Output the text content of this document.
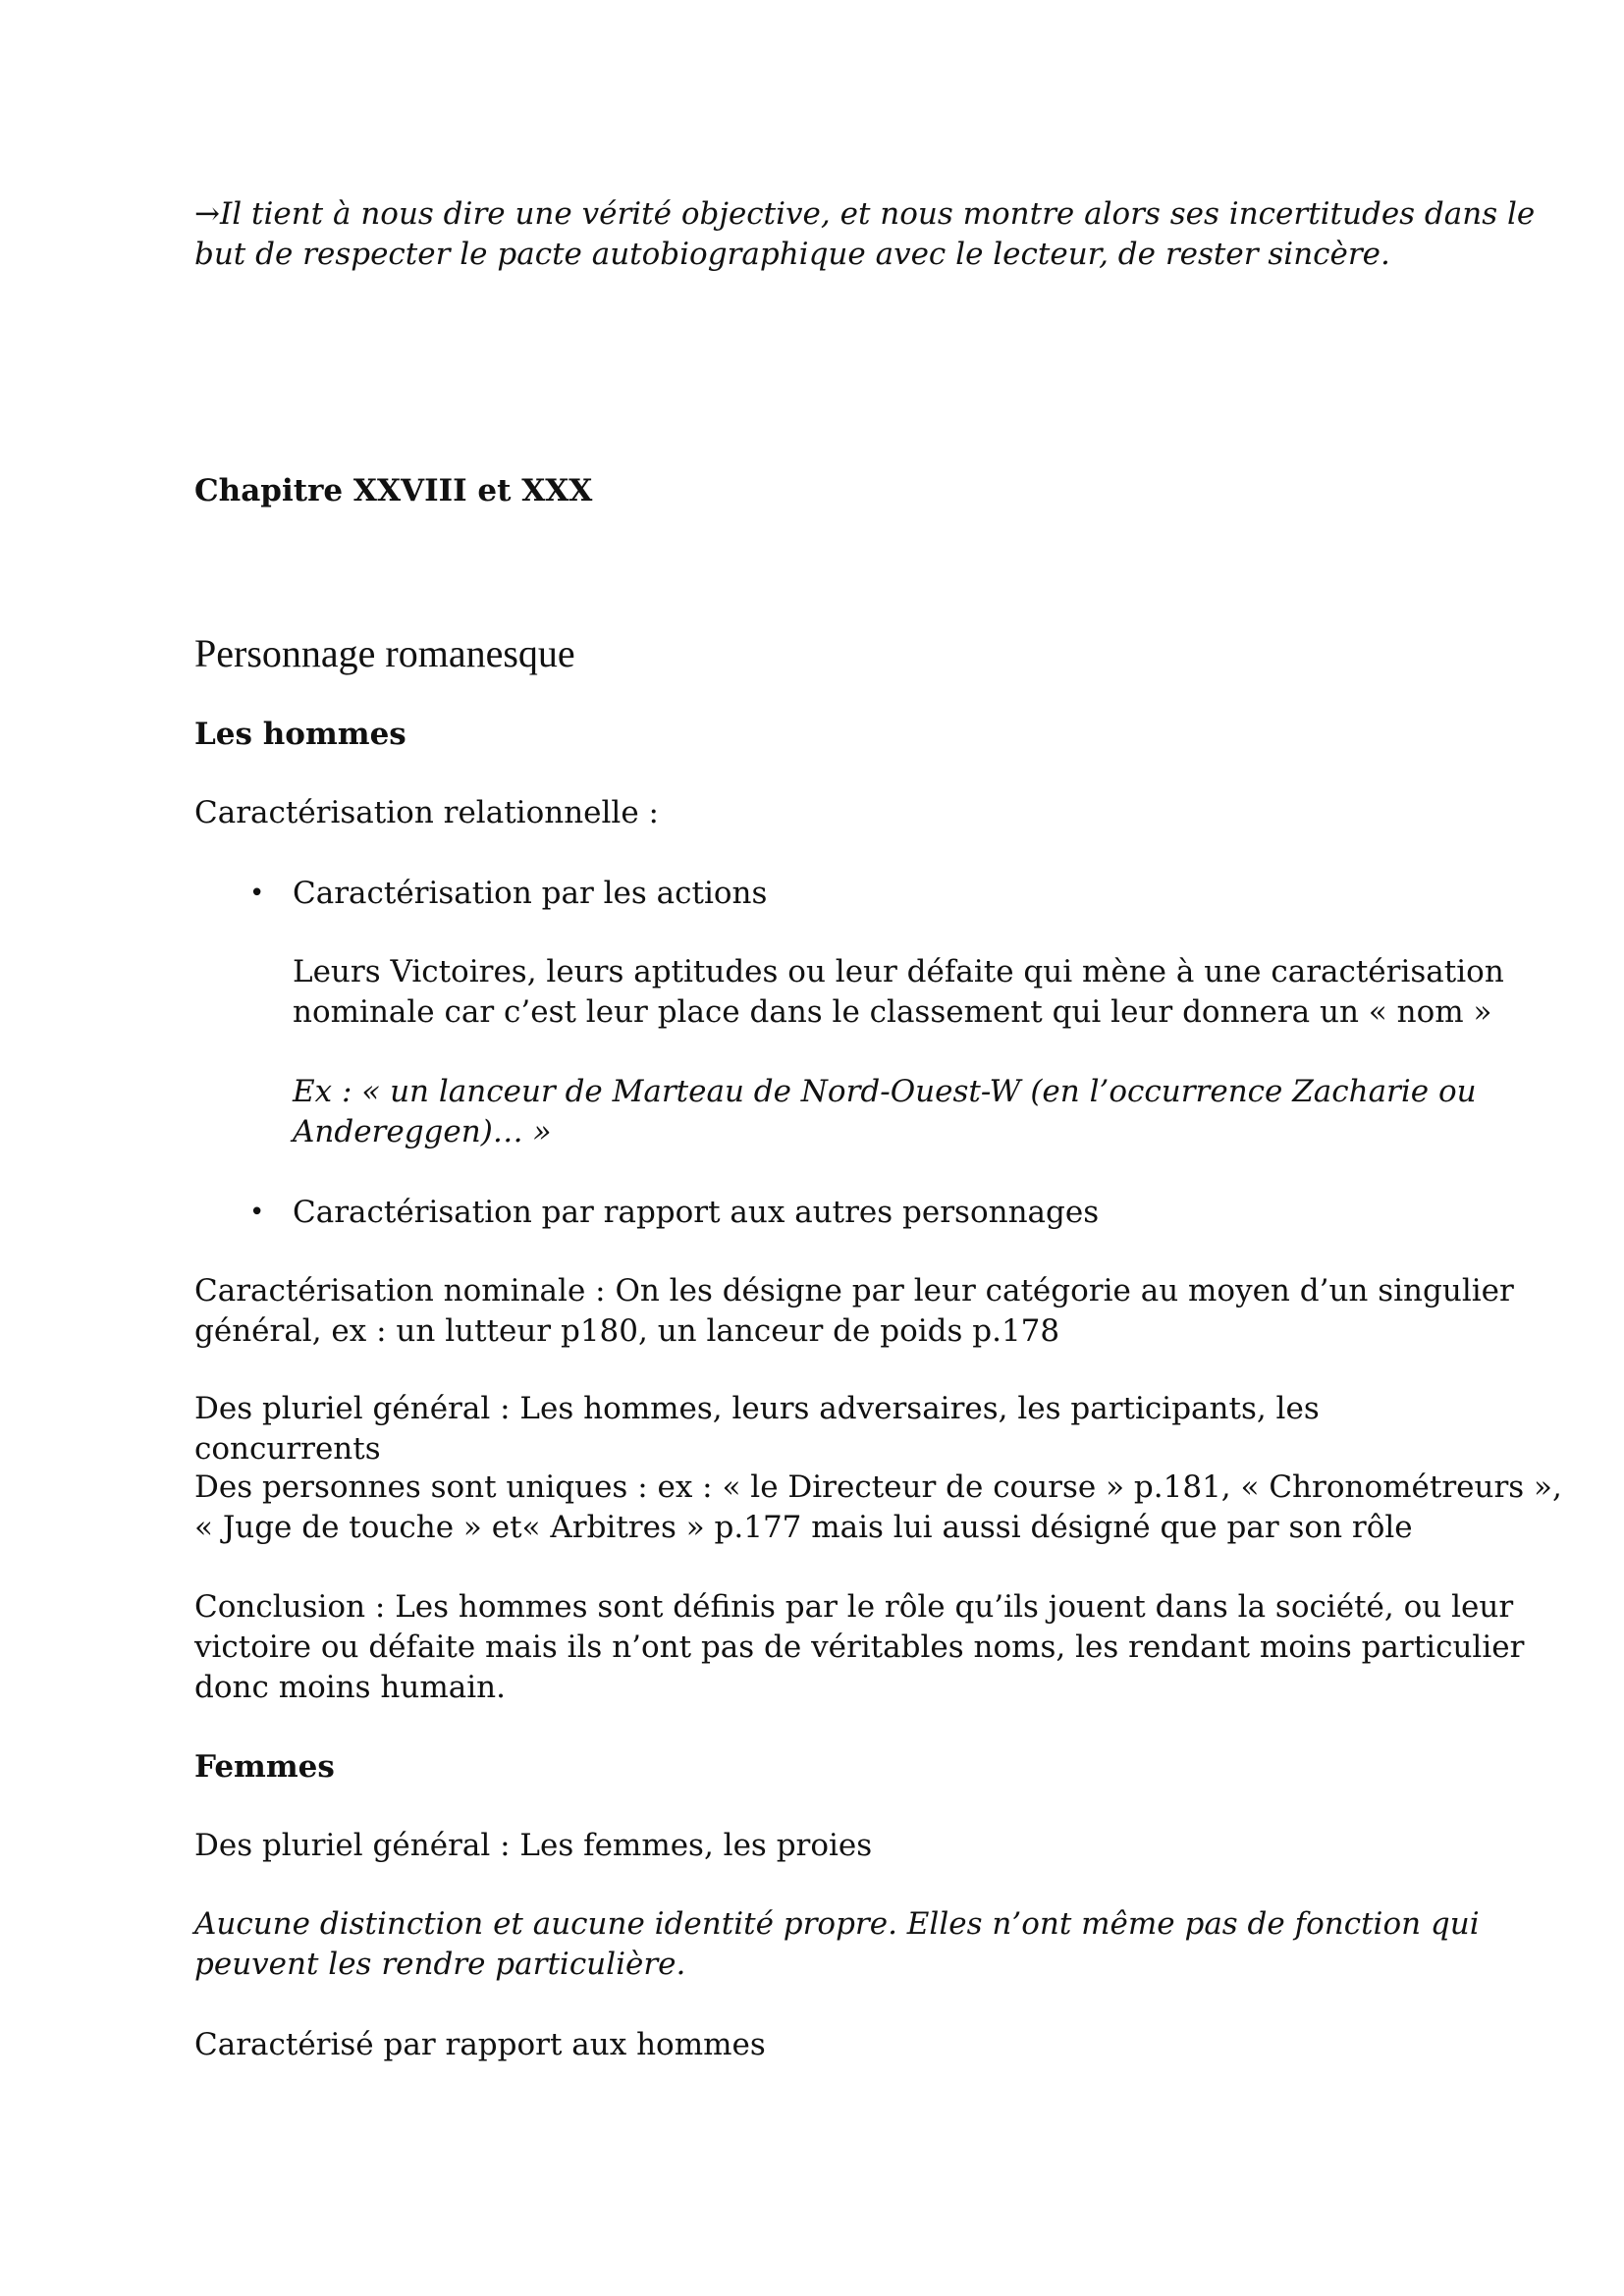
→Il tient à nous dire une vérité objective, et nous montre alors ses incertitudes dans le
but de respecter le pacte autobiographique avec le lecteur, de rester sincère.

Chapitre XXVIII et XXX

Personnage romanesque

Les hommes

Caractérisation relationnelle :

• Caractérisation par les actions

Leurs Victoires, leurs aptitudes ou leur défaite qui mène à une caractérisation
nominale car c’est leur place dans le classement qui leur donnera un « nom »

Ex : « un lanceur de Marteau de Nord-Ouest-W (en l’occurrence Zacharie ou
Andereggen)… »

• Caractérisation par rapport aux autres personnages

Caractérisation nominale : On les désigne par leur catégorie au moyen d’un singulier
général, ex : un lutteur p180, un lanceur de poids p.178

Des pluriel général : Les hommes, leurs adversaires, les participants, les concurrents

Des personnes sont uniques : ex : « le Directeur de course » p.181, « Chronométreurs »,
« Juge de touche » et« Arbitres » p.177 mais lui aussi désigné que par son rôle

Conclusion : Les hommes sont définis par le rôle qu’ils jouent dans la société, ou leur
victoire ou défaite mais ils n’ont pas de véritables noms, les rendant moins particulier
donc moins humain.

Femmes

Des pluriel général : Les femmes, les proies

Aucune distinction et aucune identité propre. Elles n’ont même pas de fonction qui
peuvent les rendre particulière.

Caractérisé par rapport aux hommes
